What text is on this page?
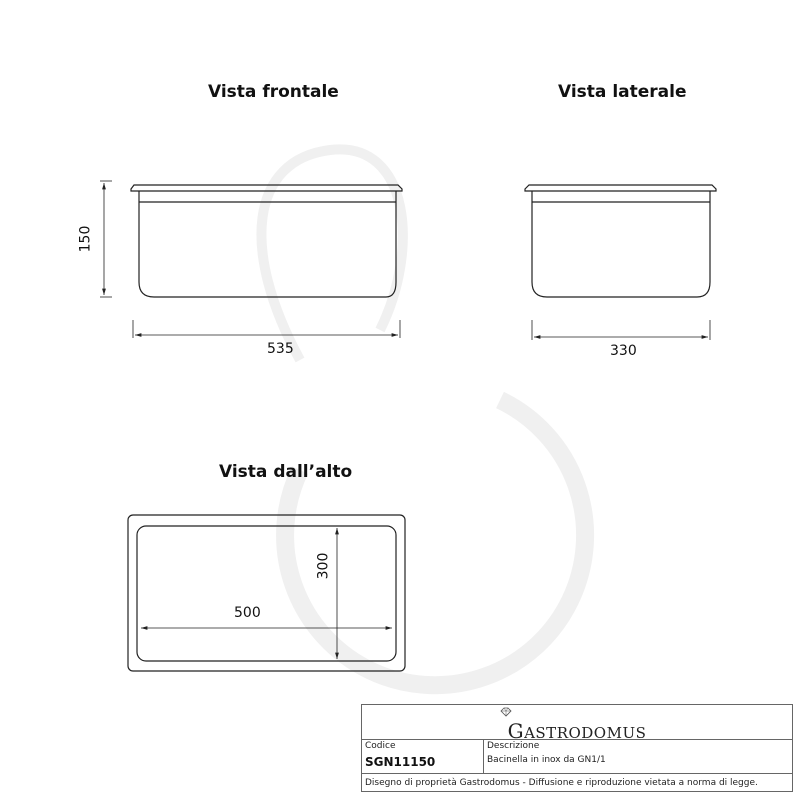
Vista frontale	Vista laterale
Vista dall’alto
150
535	330
500
300
GASTRODOMUS
Codice
SGN11150
Descrizione
Bacinella in inox da GN1/1
Disegno di proprietà Gastrodomus - Diffusione e riproduzione vietata a norma di legge.
